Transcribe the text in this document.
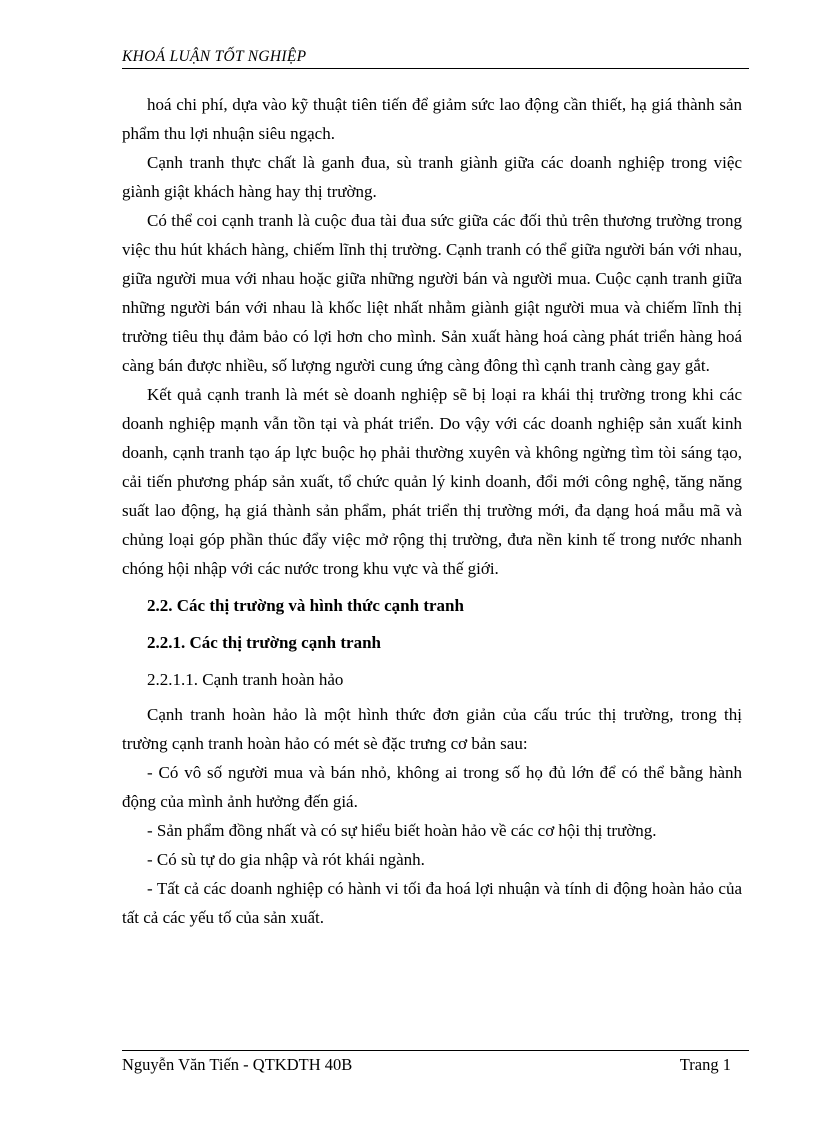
KHOÁ LUẬN TỐT NGHIỆP

hoá chi phí, dựa vào kỹ thuật tiên tiến để giảm sức lao động cần thiết, hạ giá thành sản phẩm thu lợi nhuận siêu ngạch.

Cạnh tranh thực chất là ganh đua, sù tranh giành giữa các doanh nghiệp trong việc giành giật khách hàng hay thị trường.

Có thể coi cạnh tranh là cuộc đua tài đua sức giữa các đối thủ trên thương trường trong việc thu hút khách hàng, chiếm lĩnh thị trường. Cạnh tranh có thể giữa người bán với nhau, giữa người mua với nhau hoặc giữa những người bán và người mua. Cuộc cạnh tranh giữa những người bán với nhau là khốc liệt nhất nhằm giành giật người mua và chiếm lĩnh thị trường tiêu thụ đảm bảo có lợi hơn cho mình. Sản xuất hàng hoá càng phát triển hàng hoá càng bán được nhiều, số lượng người cung ứng càng đông thì cạnh tranh càng gay gắt.

Kết quả cạnh tranh là mét sè doanh nghiệp sẽ bị loại ra khái thị trường trong khi các doanh nghiệp mạnh vẫn tồn tại và phát triển. Do vậy với các doanh nghiệp sản xuất kinh doanh, cạnh tranh tạo áp lực buộc họ phải thường xuyên và không ngừng tìm tòi sáng tạo, cải tiến phương pháp sản xuất, tổ chức quản lý kinh doanh, đổi mới công nghệ, tăng năng suất lao động, hạ giá thành sản phẩm, phát triển thị trường mới, đa dạng hoá mẫu mã và chủng loại góp phần thúc đẩy việc mở rộng thị trường, đưa nền kinh tế trong nước nhanh chóng hội nhập với các nước trong khu vực và thế giới.

2.2. Các thị trường và hình thức cạnh tranh

2.2.1. Các thị trường cạnh tranh

2.2.1.1. Cạnh tranh hoàn hảo

Cạnh tranh hoàn hảo là một hình thức đơn giản của cấu trúc thị trường, trong thị trường cạnh tranh hoàn hảo có mét sè đặc trưng cơ bản sau:

- Có vô số người mua và bán nhỏ, không ai trong số họ đủ lớn để có thể bằng hành động của mình ảnh hưởng đến giá.

- Sản phẩm đồng nhất và có sự hiểu biết hoàn hảo về các cơ hội thị trường.

- Có sù tự do gia nhập và rót khái ngành.

- Tất cả các doanh nghiệp có hành vi tối đa hoá lợi nhuận và tính di động hoàn hảo của tất cả các yếu tố của sản xuất.

Nguyễn Văn Tiến - QTKDTH 40B	Trang 1
